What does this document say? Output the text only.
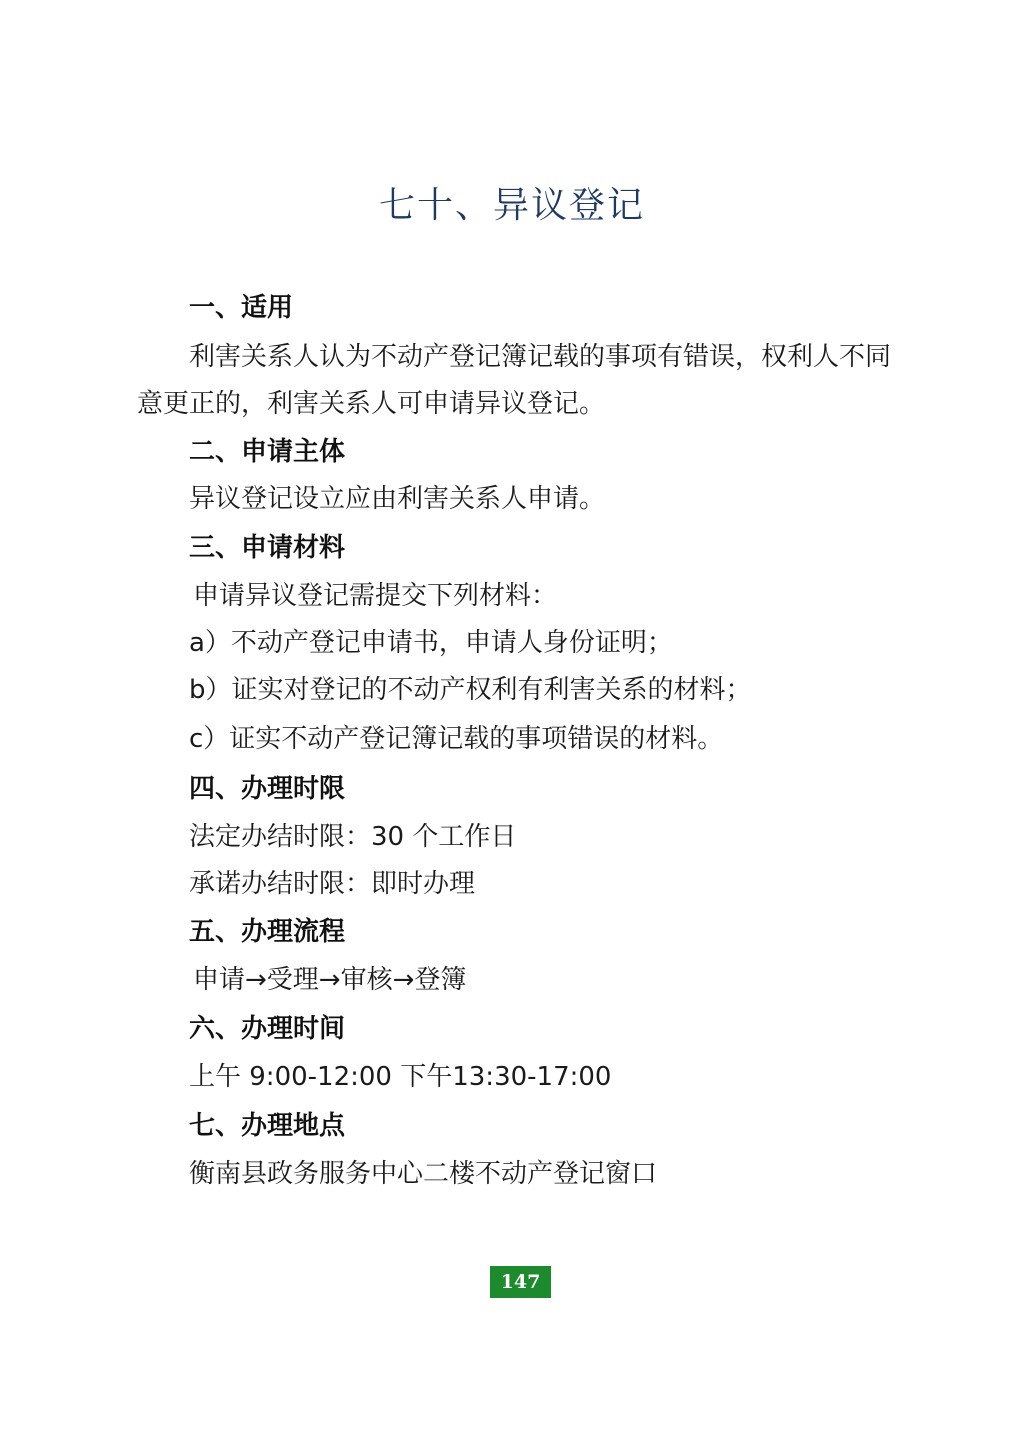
七十、异议登记
一、适用
利害关系人认为不动产登记簿记载的事项有错误，权利人不同意更正的，利害关系人可申请异议登记。
二、申请主体
异议登记设立应由利害关系人申请。
三、申请材料
申请异议登记需提交下列材料：
a）不动产登记申请书，申请人身份证明；
b）证实对登记的不动产权利有利害关系的材料；
c）证实不动产登记簿记载的事项错误的材料。
四、办理时限
法定办结时限：30 个工作日
承诺办结时限：即时办理
五、办理流程
申请→受理→审核→登簿
六、办理时间
上午 9:00-12:00 下午13:30-17:00
七、办理地点
衡南县政务服务中心二楼不动产登记窗口
147
